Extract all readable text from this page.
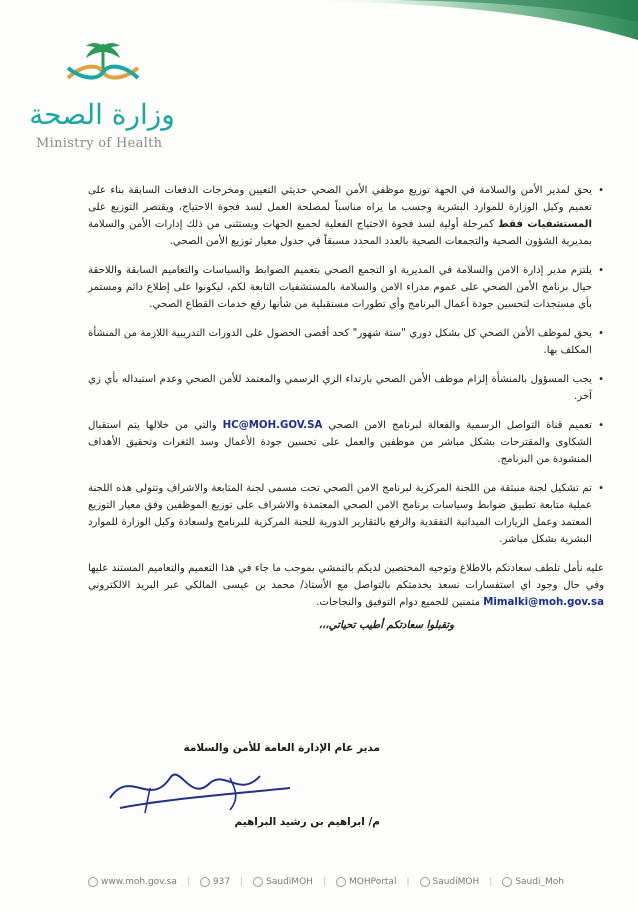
وزارة الصحة
Ministry of Health
•
يحق لمدير الأمن والسلامة في الجهة توزيع موظفي الأمن الصحي حديثي التعيين ومخرجات الدفعات السابقة بناء على تعميم وكيل الوزارة للموارد البشرية وحسب ما يراه مناسباً لمصلحة العمل لسد فجوة الاحتياج، ويقتصر التوزيع على المستشفيات فقط كمرحلة أولية لسد فجوة الاحتياج الفعلية لجميع الجهات ويستثنى من ذلك إدارات الأمن والسلامة بمديرية الشؤون الصحية والتجمعات الصحية بالعدد المحدد مسبقاً في جدول معيار توزيع الأمن الصحي.
•
يلتزم مدير إدارة الامن والسلامة في المديرية او التجمع الصحي بتعميم الضوابط والسياسات والتعاميم السابقة واللاحقة حيال برنامج الأمن الصحي على عموم مدراء الامن والسلامة بالمستشفيات التابعة لكم، ليكونوا على إطلاع دائم ومستمر بأي مستجدات لتحسين جودة أعمال البرنامج وأي تطورات مستقبلية من شأنها رفع خدمات القطاع الصحي.
•
يحق لموظف الأمن الصحي كل بشكل دوري "ستة شهور" كحد أقصى الحصول على الدورات التدريبية اللازمة من المنشأة المكلف بها.
•
يجب المسؤول بالمنشأة إلزام موظف الأمن الصحي بارتداء الزي الرسمي والمعتمد للأمن الصحي وعدم استبداله بأي زي آخر.
•
تعميم قناة التواصل الرسمية والفعالة لبرنامج الامن الصحي HC@MOH.GOV.SA والتي من خلالها يتم استقبال الشكاوى والمقترحات بشكل مباشر من موظفين والعمل على تحسين جودة الأعمال وسد الثغرات وتحقيق الأهداف المنشودة من البرنامج.
•
تم تشكيل لجنة منبثقة من اللجنة المركزية لبرنامج الامن الصحي تحت مسمى لجنة المتابعة والاشراف وتتولى هذه اللجنة عملية متابعة تطبيق ضوابط وسياسات برنامج الامن الصحي المعتمدة والاشراف على توزيع الموظفين وفق معيار التوزيع المعتمد وعمل الزيارات الميدانية التفقدية والرفع بالتقارير الدورية للجنة المركزية للبرنامج ولسعادة وكيل الوزارة للموارد البشرية بشكل مباشر.
عليه نأمل تلطف سعادتكم بالاطلاع وتوجيه المختصين لديكم بالتمشي بموجب ما جاء في هذا التعميم والتعاميم المستند عليها وفي حال وجود اي استفسارات نسعد بخدمتكم بالتواصل مع الأستاذ/ محمد بن عيسى المالكي عبر البريد الالكتروني Mimalki@moh.gov.sa متمنين للجميع دوام التوفيق والنجاحات.
وتقبلوا سعادتكم أطيب تحياتي،،،
مدير عام الإدارة العامة للأمن والسلامة
م/ ابراهيم بن رشيد البراهيم
www.moh.gov.sa |	937 |	SaudiMOH |	MOHPortal |	SaudiMOH |	Saudi_Moh
